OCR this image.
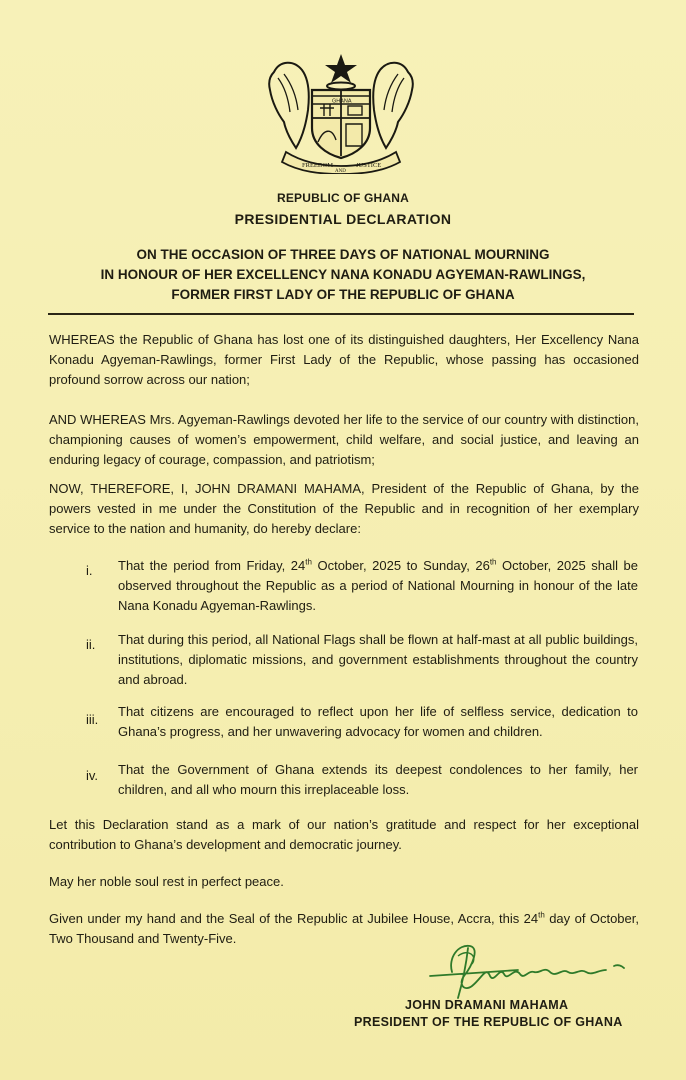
FREEDOM
AND
JUSTICE
GHANA
REPUBLIC OF GHANA
PRESIDENTIAL DECLARATION
ON THE OCCASION OF THREE DAYS OF NATIONAL MOURNING
IN HONOUR OF HER EXCELLENCY NANA KONADU AGYEMAN-RAWLINGS,
FORMER FIRST LADY OF THE REPUBLIC OF GHANA

WHEREAS the Republic of Ghana has lost one of its distinguished daughters, Her Excellency Nana Konadu Agyeman-Rawlings, former First Lady of the Republic, whose passing has occasioned profound sorrow across our nation;

AND WHEREAS Mrs. Agyeman-Rawlings devoted her life to the service of our country with distinction, championing causes of women’s empowerment, child welfare, and social justice, and leaving an enduring legacy of courage, compassion, and patriotism;

NOW, THEREFORE, I, JOHN DRAMANI MAHAMA, President of the Republic of Ghana, by the powers vested in me under the Constitution of the Republic and in recognition of her exemplary service to the nation and humanity, do hereby declare:

i. That the period from Friday, 24th October, 2025 to Sunday, 26th October, 2025 shall be observed throughout the Republic as a period of National Mourning in honour of the late Nana Konadu Agyeman-Rawlings.

ii. That during this period, all National Flags shall be flown at half-mast at all public buildings, institutions, diplomatic missions, and government establishments throughout the country and abroad.

iii.

That citizens are encouraged to reflect upon her life of selfless service, dedication to Ghana’s progress, and her unwavering advocacy for women and children.

iv. That the Government of Ghana extends its deepest condolences to her family, her children, and all who mourn this irreplaceable loss.

Let this Declaration stand as a mark of our nation’s gratitude and respect for her exceptional contribution to Ghana’s development and democratic journey.

May her noble soul rest in perfect peace.

Given under my hand and the Seal of the Republic at Jubilee House, Accra, this 24th day of October, Two Thousand and Twenty-Five.

JOHN DRAMANI MAHAMA
PRESIDENT OF THE REPUBLIC OF GHANA
